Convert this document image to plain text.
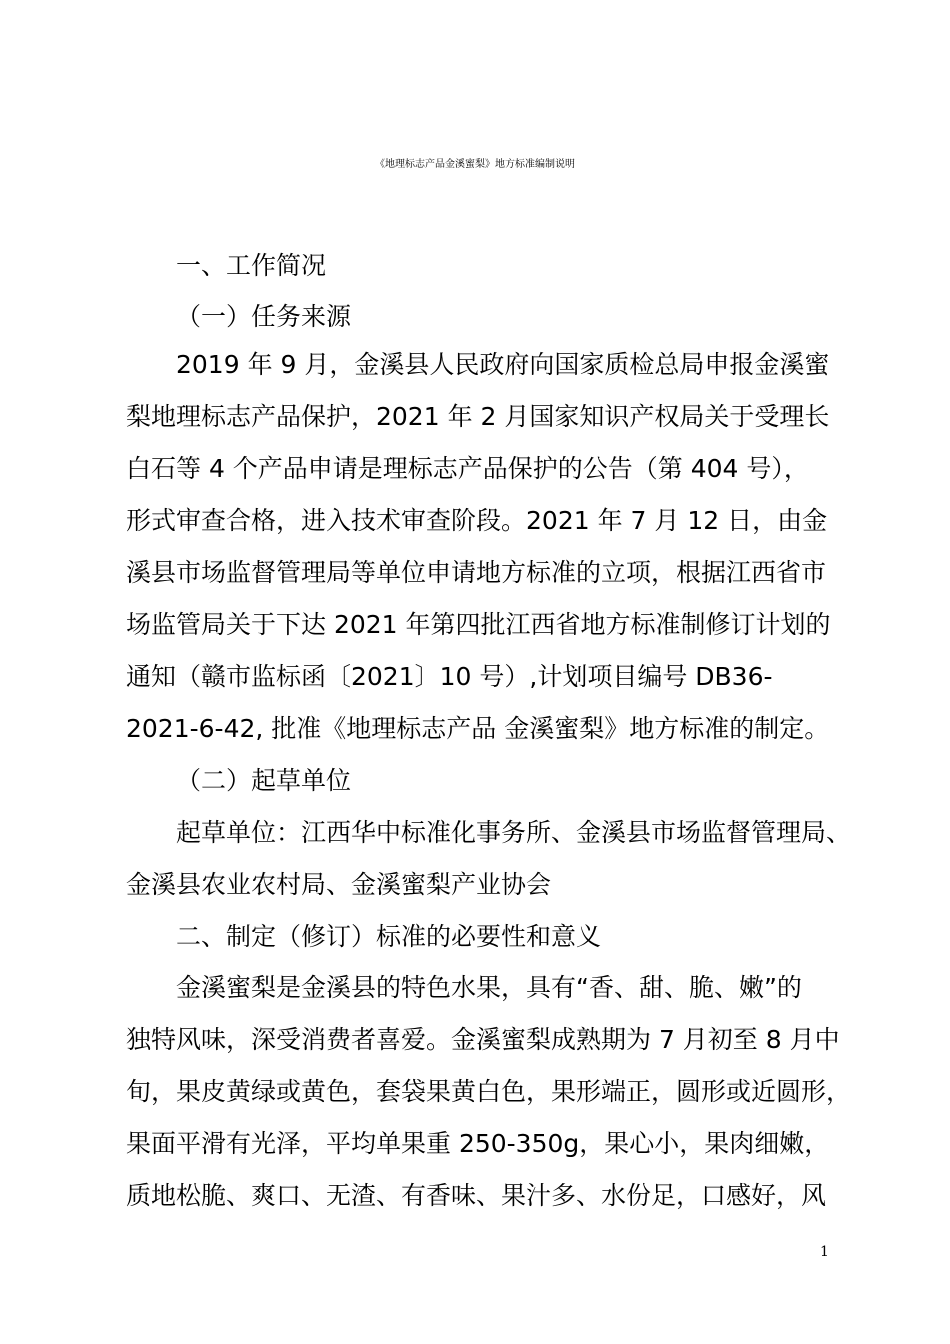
《地理标志产品金溪蜜梨》地方标准编制说明
一、工作简况
（一）任务来源
2019 年 9 月，金溪县人民政府向国家质检总局申报金溪蜜
梨地理标志产品保护，2021 年 2 月国家知识产权局关于受理长
白石等 4 个产品申请是理标志产品保护的公告（第 404 号），
形式审查合格，进入技术审查阶段。2021 年 7 月 12 日，由金
溪县市场监督管理局等单位申请地方标准的立项，根据江西省市
场监管局关于下达 2021 年第四批江西省地方标准制修订计划的
通知（赣市监标函〔2021〕10 号）,计划项目编号 DB36-
2021-6-42, 批准《地理标志产品 金溪蜜梨》地方标准的制定。
（二）起草单位
起草单位：江西华中标准化事务所、金溪县市场监督管理局、
金溪县农业农村局、金溪蜜梨产业协会
二、制定（修订）标准的必要性和意义
金溪蜜梨是金溪县的特色水果，具有“香、甜、脆、嫩”的
独特风味，深受消费者喜爱。金溪蜜梨成熟期为 7 月初至 8 月中
旬，果皮黄绿或黄色，套袋果黄白色，果形端正，圆形或近圆形，
果面平滑有光泽，平均单果重 250-350g，果心小，果肉细嫩，
质地松脆、爽口、无渣、有香味、果汁多、水份足，口感好，风
1
